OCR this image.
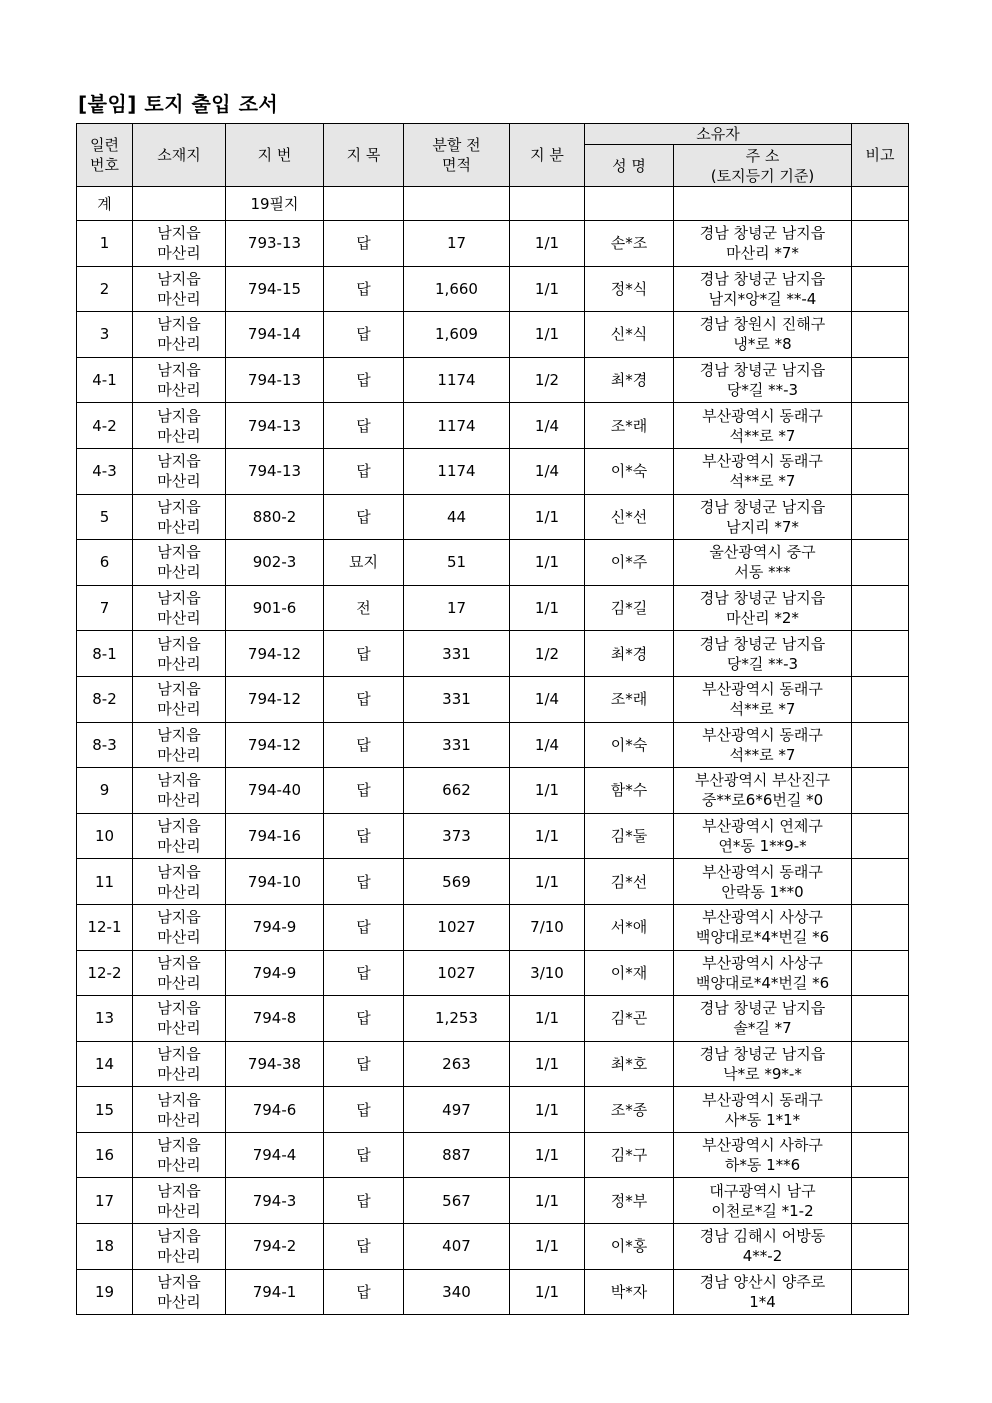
[붙임] 토지 출입 조서
일련
번호	소재지	지 번	지 목	분할 전
면적	지 분	소유자		비고
						성 명	주 소
(토지등기 기준)	

계		19필지						
1	남지읍
마산리	793-13	답	17	1/1	손*조	경남 창녕군 남지읍
마산리 *7*	

2	남지읍
마산리	794-15	답	1,660	1/1	정*식	경남 창녕군 남지읍
남지*앙*길 **-4	

3	남지읍
마산리	794-14	답	1,609	1/1	신*식	경남 창원시 진해구
냉*로 *8	

4-1	남지읍
마산리	794-13	답	1174	1/2	최*경	경남 창녕군 남지읍
당*길 **-3	

4-2	남지읍
마산리	794-13	답	1174	1/4	조*래	부산광역시 동래구
석**로 *7	

4-3	남지읍
마산리	794-13	답	1174	1/4	이*숙	부산광역시 동래구
석**로 *7	

5	남지읍
마산리	880-2	답	44	1/1	신*선	경남 창녕군 남지읍
남지리 *7*	

6	남지읍
마산리	902-3	묘지	51	1/1	이*주	울산광역시 중구
서동 ***	

7	남지읍
마산리	901-6	전	17	1/1	김*길	경남 창녕군 남지읍
마산리 *2*	

8-1	남지읍
마산리	794-12	답	331	1/2	최*경	경남 창녕군 남지읍
당*길 **-3	

8-2	남지읍
마산리	794-12	답	331	1/4	조*래	부산광역시 동래구
석**로 *7	

8-3	남지읍
마산리	794-12	답	331	1/4	이*숙	부산광역시 동래구
석**로 *7	

9	남지읍
마산리	794-40	답	662	1/1	함*수	부산광역시 부산진구
중**로6*6번길 *0	

10	남지읍
마산리	794-16	답	373	1/1	김*둘	부산광역시 연제구
연*동 1**9-*	

11	남지읍
마산리	794-10	답	569	1/1	김*선	부산광역시 동래구
안락동 1**0	

12-1	남지읍
마산리	794-9	답	1027	7/10	서*애	부산광역시 사상구
백양대로*4*번길 *6	

12-2	남지읍
마산리	794-9	답	1027	3/10	이*재	부산광역시 사상구
백양대로*4*번길 *6	

13	남지읍
마산리	794-8	답	1,253	1/1	김*곤	경남 창녕군 남지읍
솔*길 *7	

14	남지읍
마산리	794-38	답	263	1/1	최*호	경남 창녕군 남지읍
낙*로 *9*-*	

15	남지읍
마산리	794-6	답	497	1/1	조*종	부산광역시 동래구
사*동 1*1*	

16	남지읍
마산리	794-4	답	887	1/1	김*구	부산광역시 사하구
하*동 1**6	

17	남지읍
마산리	794-3	답	567	1/1	정*부	대구광역시 남구
이천로*길 *1-2	

18	남지읍
마산리	794-2	답	407	1/1	이*홍	경남 김해시 어방동
4**-2	

19	남지읍
마산리	794-1	답	340	1/1	박*자	경남 양산시 양주로
1*4	
